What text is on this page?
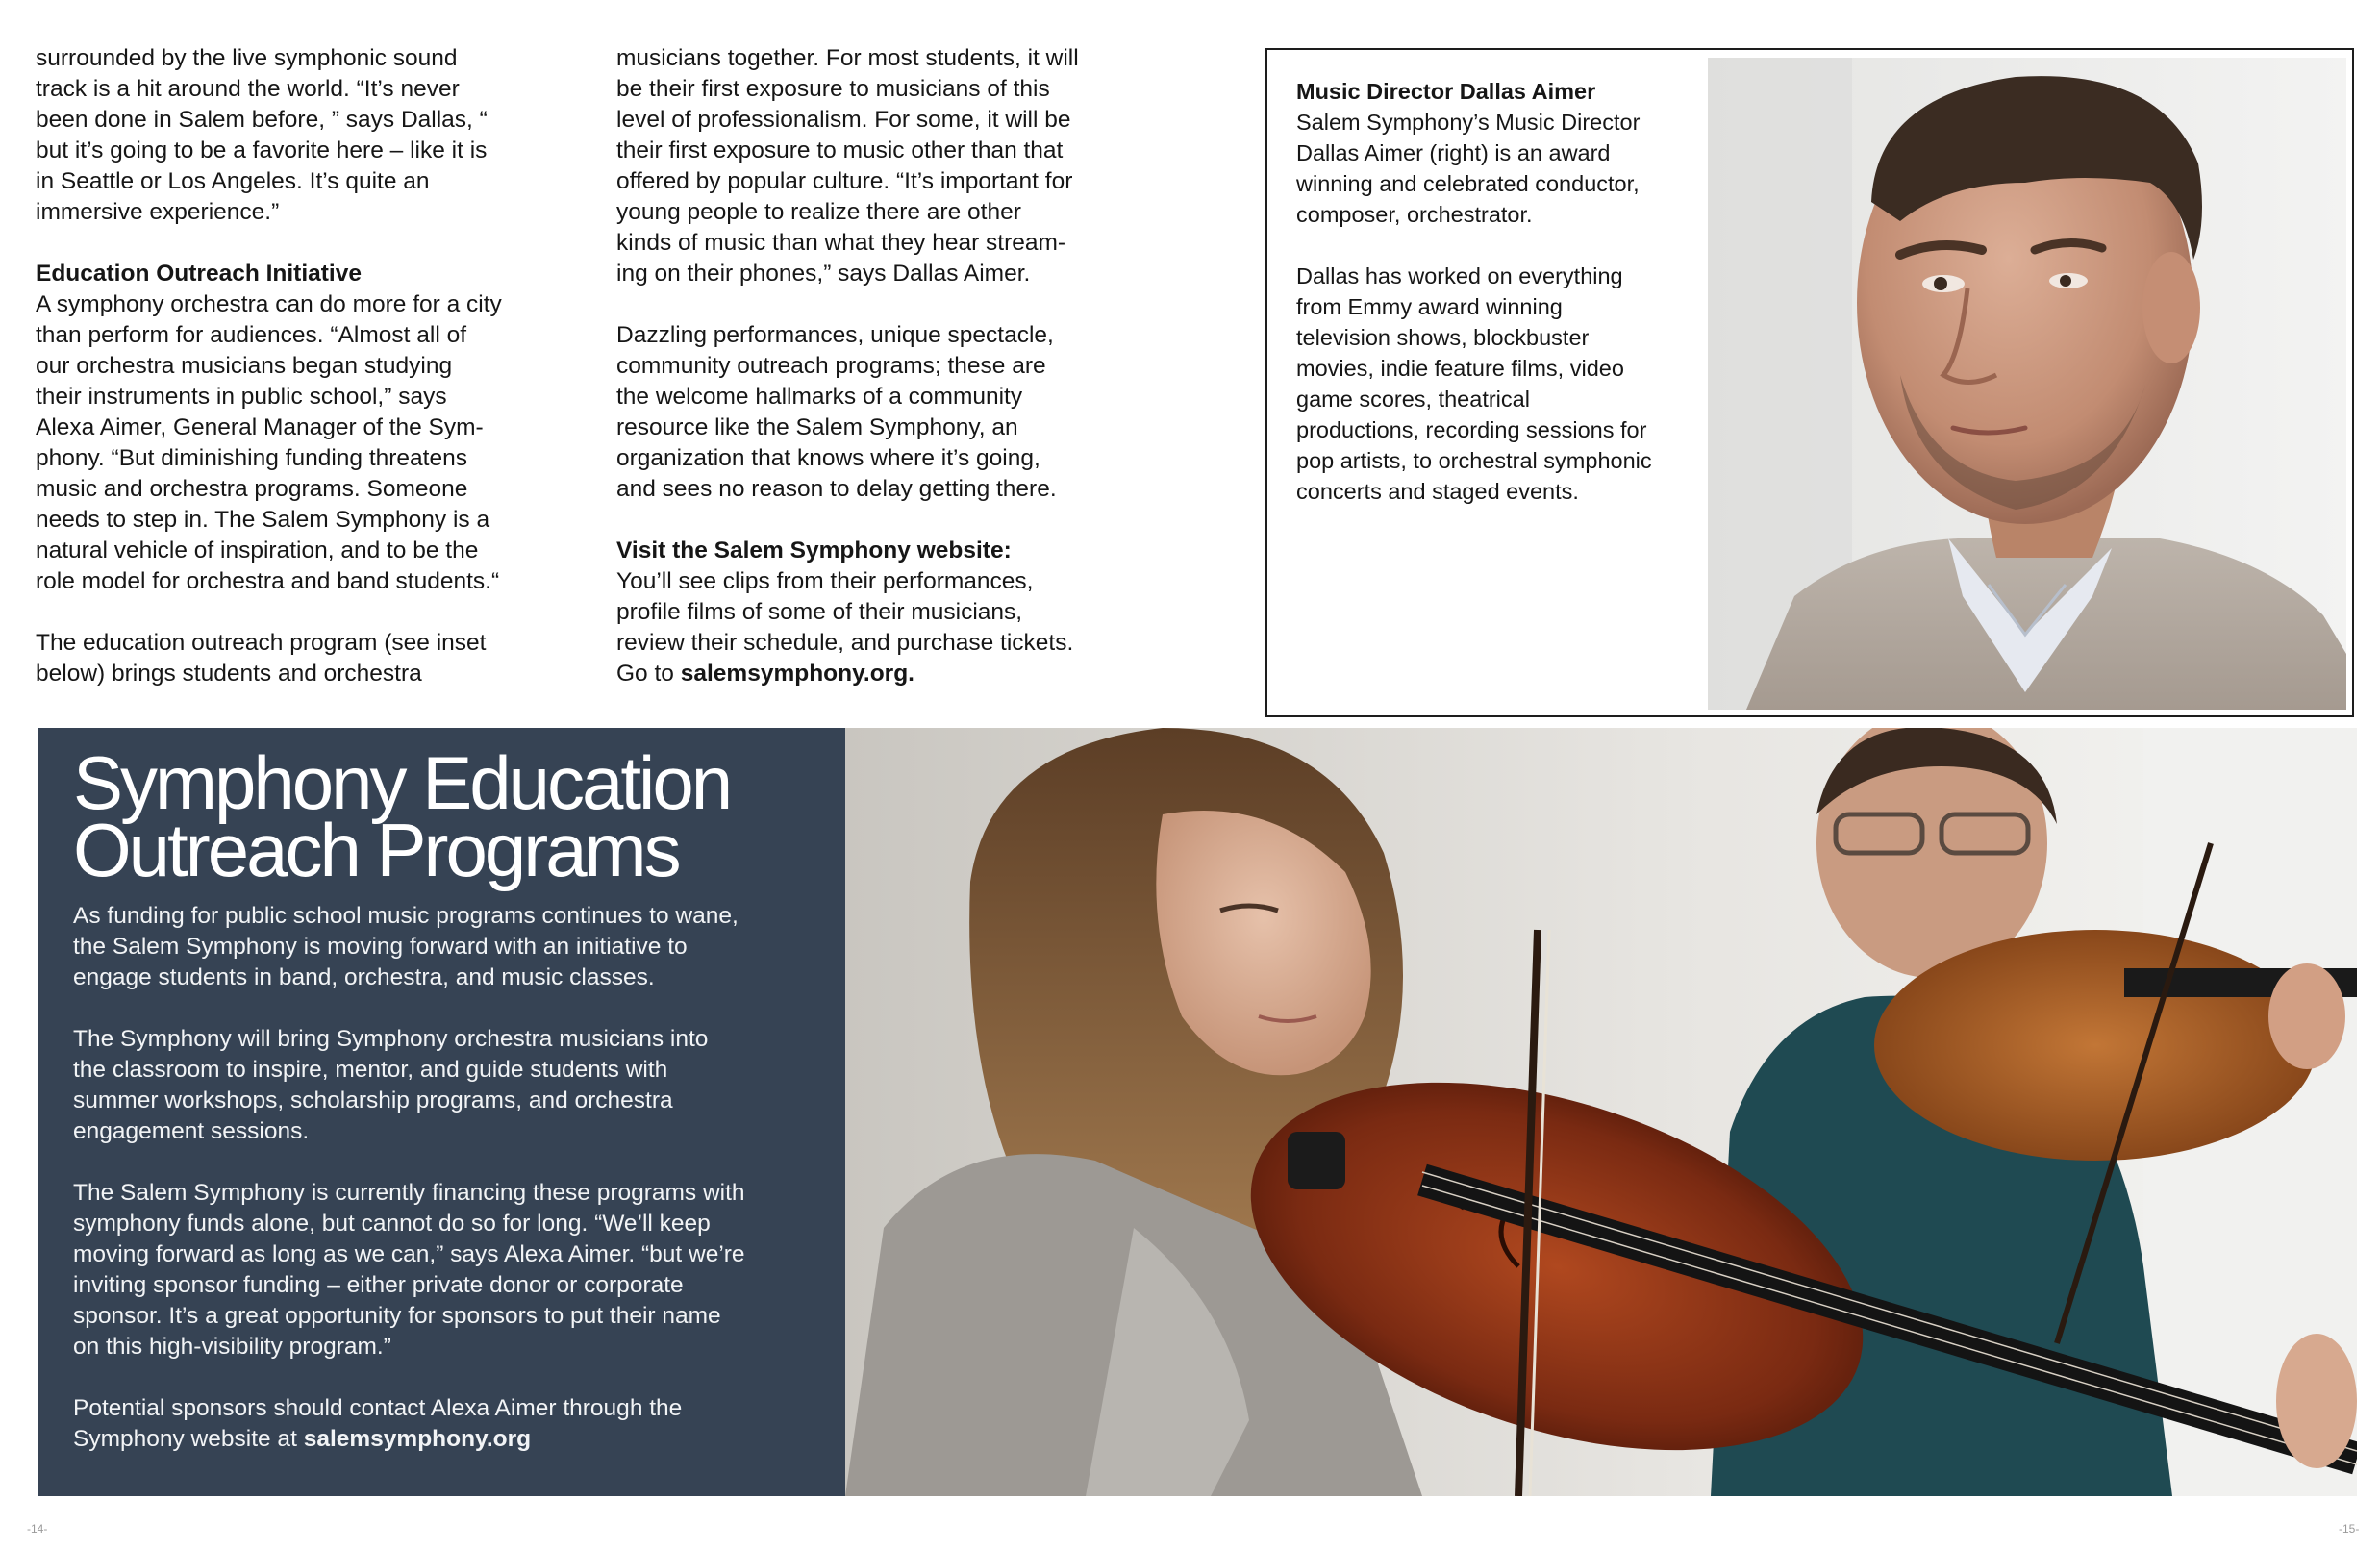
surrounded by the live symphonic sound
track is a hit around the world. “It’s never
been done in Salem before, ” says Dallas, “
but it’s going to be a favorite here – like it is
in Seattle or Los Angeles. It’s quite an
immersive experience.”

Education Outreach Initiative
A symphony orchestra can do more for a city
than perform for audiences. “Almost all of
our orchestra musicians began studying
their instruments in public school,” says
Alexa Aimer, General Manager of the Sym-
phony. “But diminishing funding threatens
music and orchestra programs. Someone
needs to step in. The Salem Symphony is a
natural vehicle of inspiration, and to be the
role model for orchestra and band students.“

The education outreach program (see inset
below) brings students and orchestra

musicians together. For most students, it will
be their first exposure to musicians of this
level of professionalism. For some, it will be
their first exposure to music other than that
offered by popular culture. “It’s important for
young people to realize there are other
kinds of music than what they hear stream-
ing on their phones,” says Dallas Aimer.

Dazzling performances, unique spectacle,
community outreach programs; these are
the welcome hallmarks of a community
resource like the Salem Symphony, an
organization that knows where it’s going,
and sees no reason to delay getting there.

Visit the Salem Symphony website:
You’ll see clips from their performances,
profile films of some of their musicians,
review their schedule, and purchase tickets.
Go to salemsymphony.org.

Music Director Dallas Aimer
Salem Symphony’s Music Director
Dallas Aimer (right) is an award
winning and celebrated conductor,
composer, orchestrator.

Dallas has worked on everything
from Emmy award winning
television shows, blockbuster
movies, indie feature films, video
game scores, theatrical
productions, recording sessions for
pop artists, to orchestral symphonic
concerts and staged events.

Symphony Education
Outreach Programs

As funding for public school music programs continues to wane,
the Salem Symphony is moving forward with an initiative to
engage students in band, orchestra, and music classes.

The Symphony will bring Symphony orchestra musicians into
the classroom to inspire, mentor, and guide students with
summer workshops, scholarship programs, and orchestra
engagement sessions.

The Salem Symphony is currently financing these programs with
symphony funds alone, but cannot do so for long. “We’ll keep
moving forward as long as we can,” says Alexa Aimer. “but we’re
inviting sponsor funding – either private donor or corporate
sponsor. It’s a great opportunity for sponsors to put their name
on this high-visibility program.”

Potential sponsors should contact Alexa Aimer through the
Symphony website at salemsymphony.org

-14-	-15-
